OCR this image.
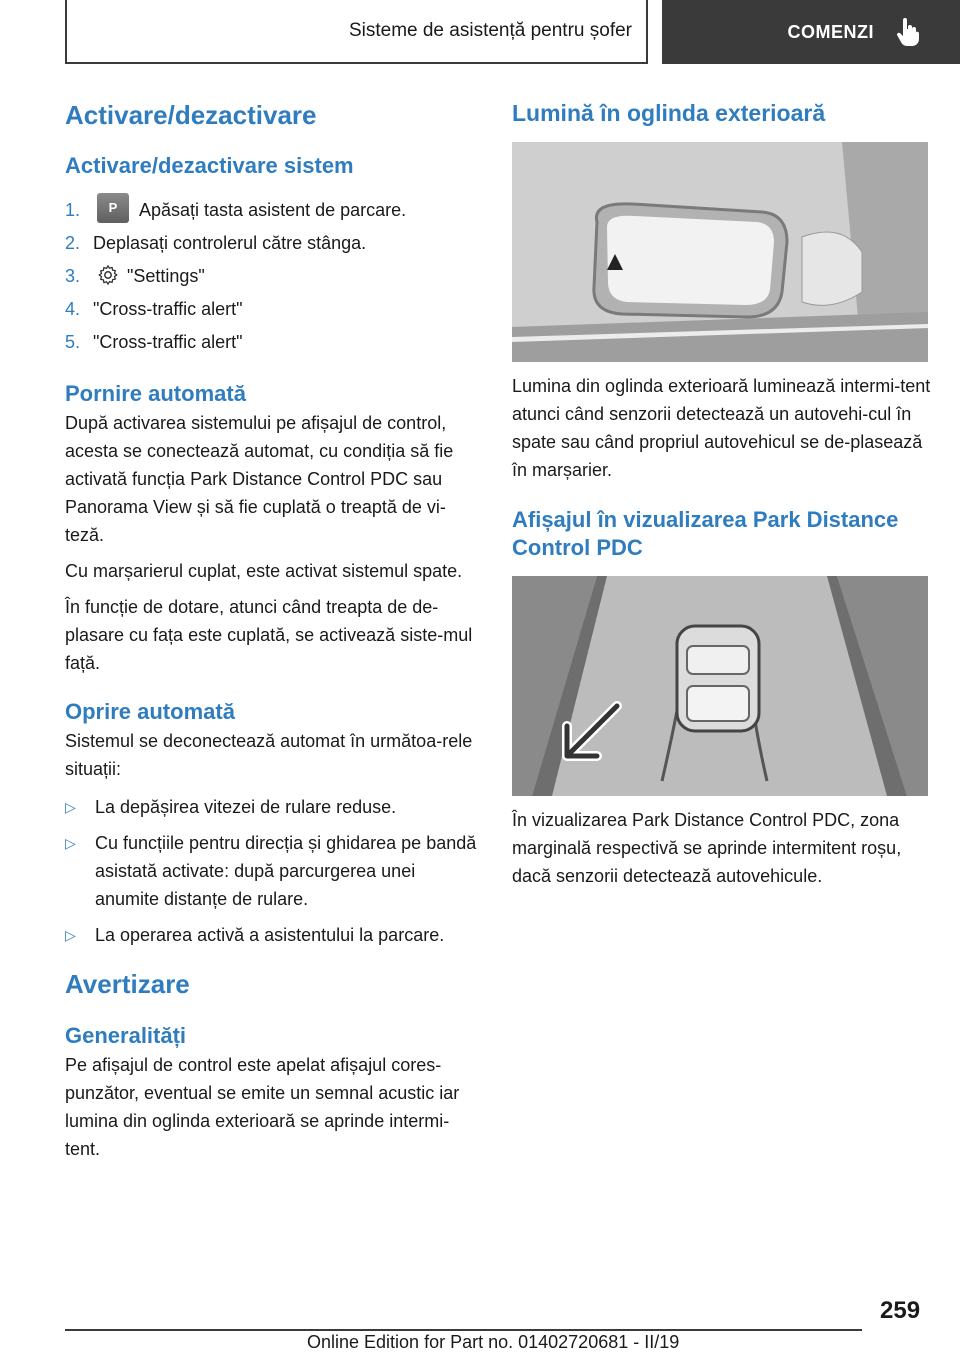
Sisteme de asistență pentru șofer	COMENZI
Activare/dezactivare
Activare/dezactivare sistem
1. P Apăsați tasta asistent de parcare.
2. Deplasați controlerul către stânga.
3.	"Settings"
4. "Cross-traffic alert"
5. "Cross-traffic alert"
Pornire automată

După activarea sistemului pe afișajul de control, acesta se conectează automat, cu condiția să fie activată funcția Park Distance Control PDC sau Panorama View și să fie cuplată o treaptă de vi-teză.

Cu marșarierul cuplat, este activat sistemul spate.

În funcție de dotare, atunci când treapta de de-plasare cu fața este cuplată, se activează siste-mul față.

Oprire automată

Sistemul se deconectează automat în următoa-rele situații:

▷ La depășirea vitezei de rulare reduse.
▷ Cu funcțiile pentru direcția și ghidarea pe bandă asistată activate: după parcurgerea unei anumite distanțe de rulare.
▷ La operarea activă a asistentului la parcare.
Avertizare
Generalități

Pe afișajul de control este apelat afișajul cores-punzător, eventual se emite un semnal acustic iar lumina din oglinda exterioară se aprinde intermi-tent.

Lumină în oglinda exterioară

Lumina din oglinda exterioară luminează intermi-tent atunci când senzorii detectează un autovehi-cul în spate sau când propriul autovehicul se de-plasează în marșarier.

Afișajul în vizualizarea Park Distance Control PDC

În vizualizarea Park Distance Control PDC, zona marginală respectivă se aprinde intermitent roșu, dacă senzorii detectează autovehicule.

259
Online Edition for Part no. 01402720681 - II/19
